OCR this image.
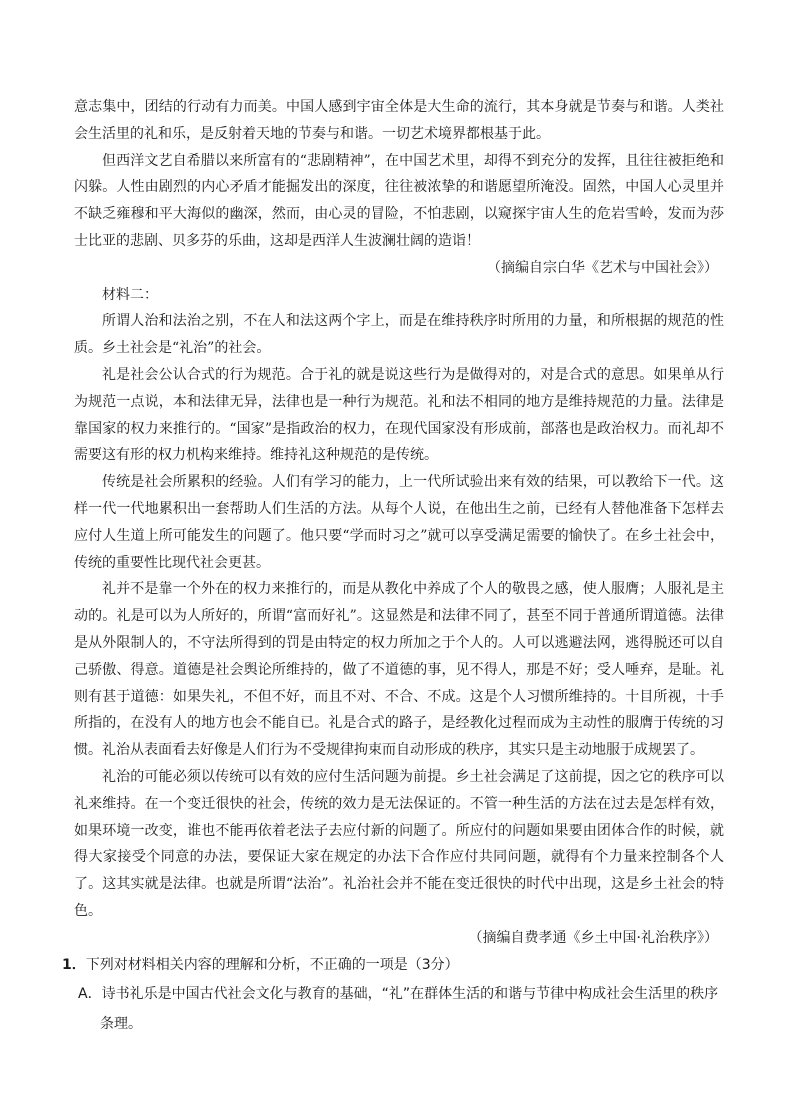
意志集中，团结的行动有力而美。中国人感到宇宙全体是大生命的流行，其本身就是节奏与和谐。人类社会生活里的礼和乐，是反射着天地的节奏与和谐。一切艺术境界都根基于此。

但西洋文艺自希腊以来所富有的“悲剧精神”，在中国艺术里，却得不到充分的发挥，且往往被拒绝和闪躲。人性由剧烈的内心矛盾才能掘发出的深度，往往被浓挚的和谐愿望所淹没。固然，中国人心灵里并不缺乏雍穆和平大海似的幽深，然而，由心灵的冒险，不怕悲剧，以窥探宇宙人生的危岩雪岭，发而为莎士比亚的悲剧、贝多芬的乐曲，这却是西洋人生波澜壮阔的造诣！

（摘编自宗白华《艺术与中国社会》）

材料二：

所谓人治和法治之别，不在人和法这两个字上，而是在维持秩序时所用的力量，和所根据的规范的性质。乡土社会是“礼治”的社会。

礼是社会公认合式的行为规范。合于礼的就是说这些行为是做得对的，对是合式的意思。如果单从行为规范一点说，本和法律无异，法律也是一种行为规范。礼和法不相同的地方是维持规范的力量。法律是靠国家的权力来推行的。“国家”是指政治的权力，在现代国家没有形成前，部落也是政治权力。而礼却不需要这有形的权力机构来维持。维持礼这种规范的是传统。

传统是社会所累积的经验。人们有学习的能力，上一代所试验出来有效的结果，可以教给下一代。这样一代一代地累积出一套帮助人们生活的方法。从每个人说，在他出生之前，已经有人替他准备下怎样去应付人生道上所可能发生的问题了。他只要“学而时习之”就可以享受满足需要的愉快了。在乡土社会中，传统的重要性比现代社会更甚。

礼并不是靠一个外在的权力来推行的，而是从教化中养成了个人的敬畏之感，使人服膺；人服礼是主动的。礼是可以为人所好的，所谓“富而好礼”。这显然是和法律不同了，甚至不同于普通所谓道德。法律是从外限制人的，不守法所得到的罚是由特定的权力所加之于个人的。人可以逃避法网，逃得脱还可以自己骄傲、得意。道德是社会舆论所维持的，做了不道德的事，见不得人，那是不好；受人唾弃，是耻。礼则有甚于道德：如果失礼，不但不好，而且不对、不合、不成。这是个人习惯所维持的。十目所视，十手所指的，在没有人的地方也会不能自已。礼是合式的路子，是经教化过程而成为主动性的服膺于传统的习惯。礼治从表面看去好像是人们行为不受规律拘束而自动形成的秩序，其实只是主动地服于成规罢了。

礼治的可能必须以传统可以有效的应付生活问题为前提。乡土社会满足了这前提，因之它的秩序可以礼来维持。在一个变迁很快的社会，传统的效力是无法保证的。不管一种生活的方法在过去是怎样有效，如果环境一改变，谁也不能再依着老法子去应付新的问题了。所应付的问题如果要由团体合作的时候，就得大家接受个同意的办法，要保证大家在规定的办法下合作应付共同问题，就得有个力量来控制各个人了。这其实就是法律。也就是所谓“法治”。礼治社会并不能在变迁很快的时代中出现，这是乡土社会的特色。

（摘编自费孝通《乡土中国·礼治秩序》）

1．下列对材料相关内容的理解和分析，不正确的一项是（3分）

A．诗书礼乐是中国古代社会文化与教育的基础，“礼”在群体生活的和谐与节律中构成社会生活里的秩序条理。
